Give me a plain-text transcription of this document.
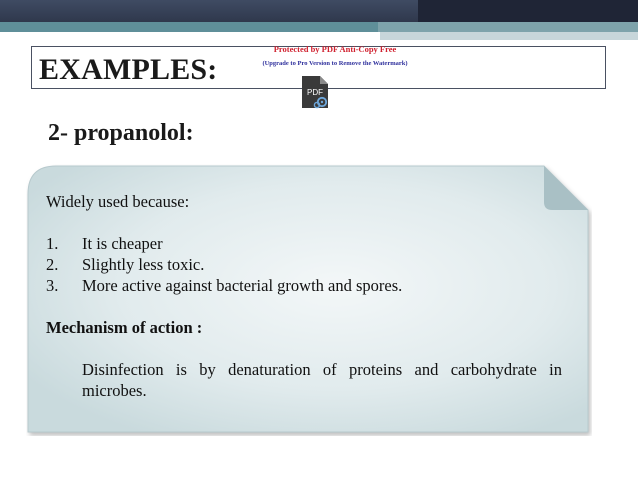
EXAMPLES:
Protected by PDF Anti-Copy Free
(Upgrade to Pro Version to Remove the Watermark)
PDF
2- propanolol:
Widely used because:
1.	It is cheaper
2.	Slightly less toxic.
3.	More active against bacterial growth and spores.
Mechanism of action :
Disinfection is by denaturation of proteins and carbohydrate in microbes.
